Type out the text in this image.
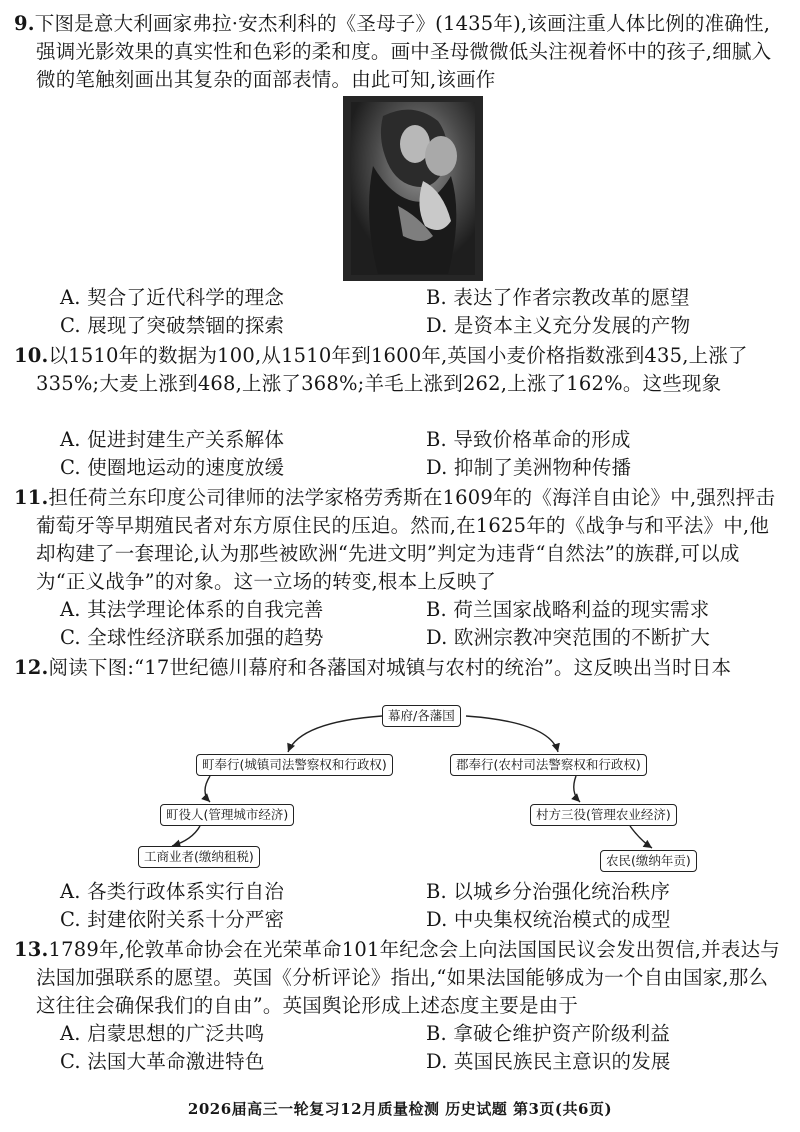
9.下图是意大利画家弗拉·安杰利科的《圣母子》(1435年),该画注重人体比例的准确性,强调光影效果的真实性和色彩的柔和度。画中圣母微微低头注视着怀中的孩子,细腻入微的笔触刻画出其复杂的面部表情。由此可知,该画作
A. 契合了近代科学的理念	B. 表达了作者宗教改革的愿望
C. 展现了突破禁锢的探索	D. 是资本主义充分发展的产物
10.以1510年的数据为100,从1510年到1600年,英国小麦价格指数涨到435,上涨了335%;大麦上涨到468,上涨了368%;羊毛上涨到262,上涨了162%。这些现象
A. 促进封建生产关系解体	B. 导致价格革命的形成
C. 使圈地运动的速度放缓	D. 抑制了美洲物种传播
11.担任荷兰东印度公司律师的法学家格劳秀斯在1609年的《海洋自由论》中,强烈抨击葡萄牙等早期殖民者对东方原住民的压迫。然而,在1625年的《战争与和平法》中,他却构建了一套理论,认为那些被欧洲“先进文明”判定为违背“自然法”的族群,可以成为“正义战争”的对象。这一立场的转变,根本上反映了
A. 其法学理论体系的自我完善	B. 荷兰国家战略利益的现实需求
C. 全球性经济联系加强的趋势	D. 欧洲宗教冲突范围的不断扩大
12.阅读下图:“17世纪德川幕府和各藩国对城镇与农村的统治”。这反映出当时日本
幕府/各藩国
町奉行(城镇司法警察权和行政权)	郡奉行(农村司法警察权和行政权)
町役人(管理城市经济)	村方三役(管理农业经济)
工商业者(缴纳租税)	农民(缴纳年贡)
A. 各类行政体系实行自治	B. 以城乡分治强化统治秩序
C. 封建依附关系十分严密	D. 中央集权统治模式的成型
13.1789年,伦敦革命协会在光荣革命101年纪念会上向法国国民议会发出贺信,并表达与法国加强联系的愿望。英国《分析评论》指出,“如果法国能够成为一个自由国家,那么这往往会确保我们的自由”。英国舆论形成上述态度主要是由于
A. 启蒙思想的广泛共鸣	B. 拿破仑维护资产阶级利益
C. 法国大革命激进特色	D. 英国民族民主意识的发展
2026届高三一轮复习12月质量检测 历史试题 第3页(共6页)
